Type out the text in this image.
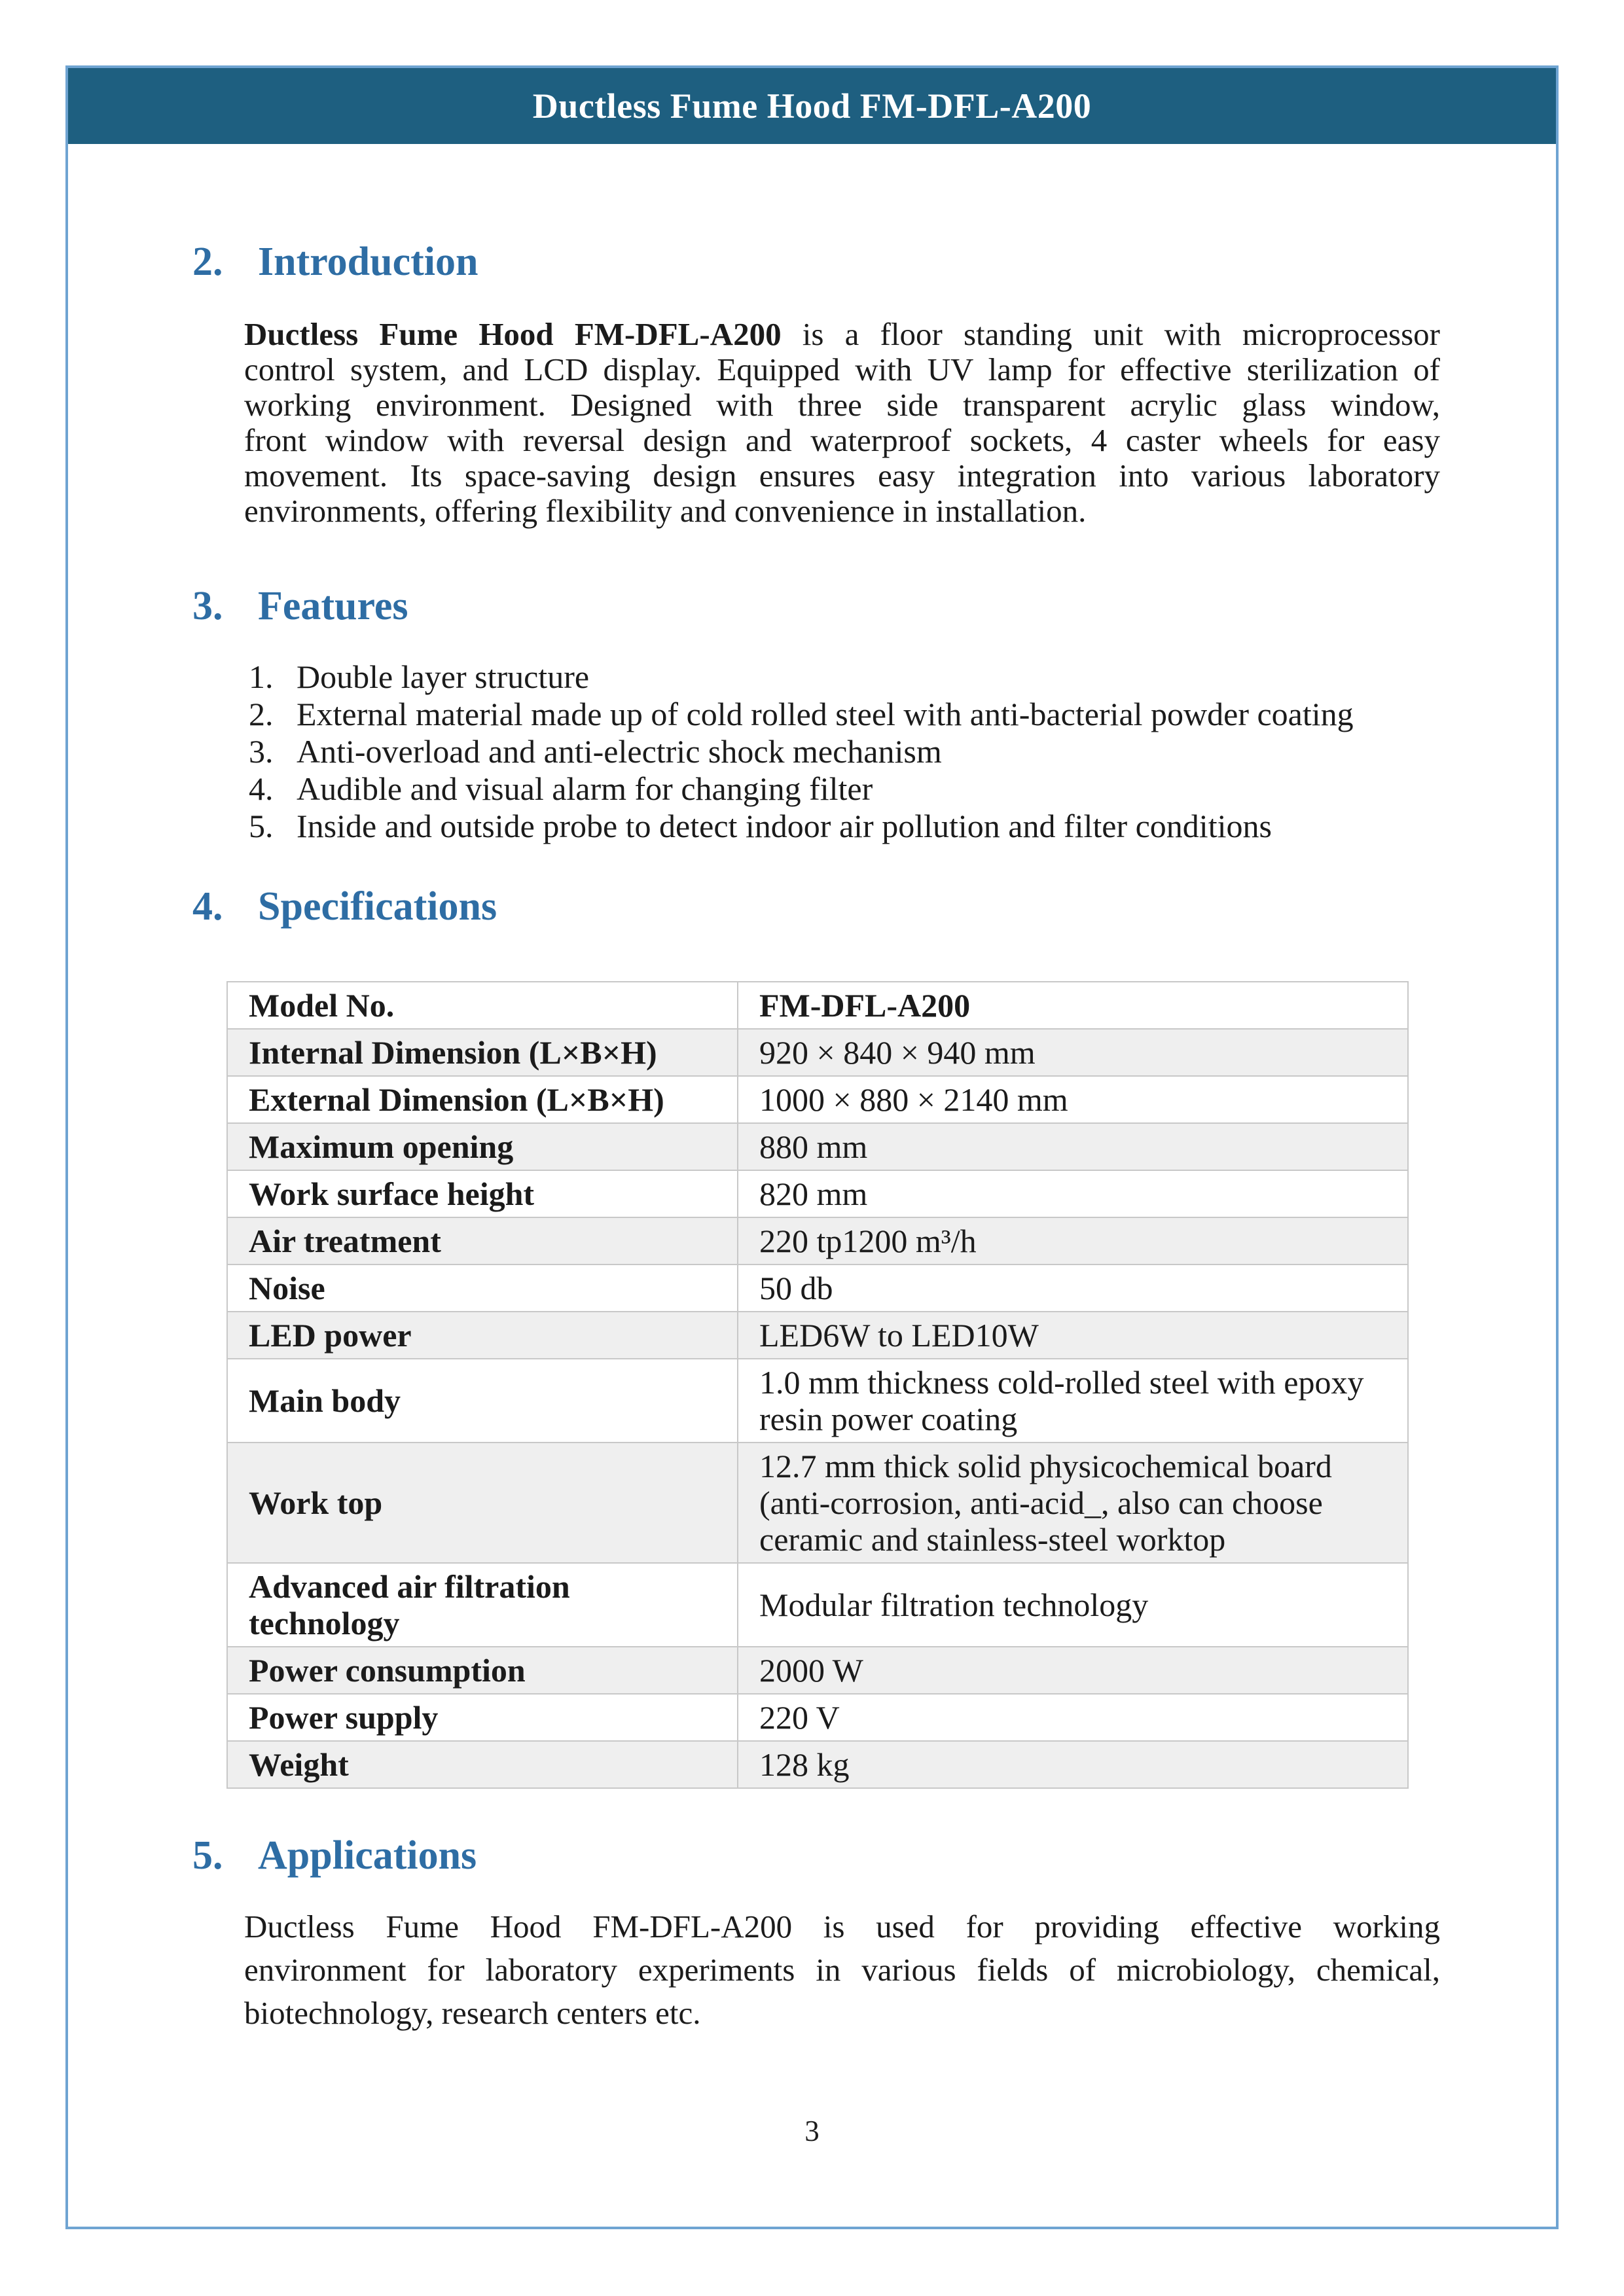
Ductless Fume Hood FM-DFL-A200
2. Introduction
Ductless Fume Hood FM-DFL-A200 is a floor standing unit with microprocessor
control system, and LCD display. Equipped with UV lamp for effective sterilization of
working environment. Designed with three side transparent acrylic glass window,
front window with reversal design and waterproof sockets, 4 caster wheels for easy
movement. Its space-saving design ensures easy integration into various laboratory
environments, offering flexibility and convenience in installation.
3. Features
1. Double layer structure
2. External material made up of cold rolled steel with anti-bacterial powder coating
3. Anti-overload and anti-electric shock mechanism
4. Audible and visual alarm for changing filter
5. Inside and outside probe to detect indoor air pollution and filter conditions
4. Specifications
Model No.	FM-DFL-A200
Internal Dimension (L×B×H)	920 × 840 × 940 mm
External Dimension (L×B×H)	1000 × 880 × 2140 mm
Maximum opening	880 mm
Work surface height	820 mm
Air treatment	220 tp1200 m³/h
Noise	50 db
LED power	LED6W to LED10W
Main body	1.0 mm thickness cold-rolled steel with epoxy resin power coating
Work top	12.7 mm thick solid physicochemical board (anti-corrosion, anti-acid_, also can choose ceramic and stainless-steel worktop
Advanced air filtration technology	Modular filtration technology
Power consumption	2000 W
Power supply	220 V
Weight	128 kg
5. Applications
Ductless Fume Hood FM-DFL-A200 is used for providing effective working
environment for laboratory experiments in various fields of microbiology, chemical,
biotechnology, research centers etc.
3
